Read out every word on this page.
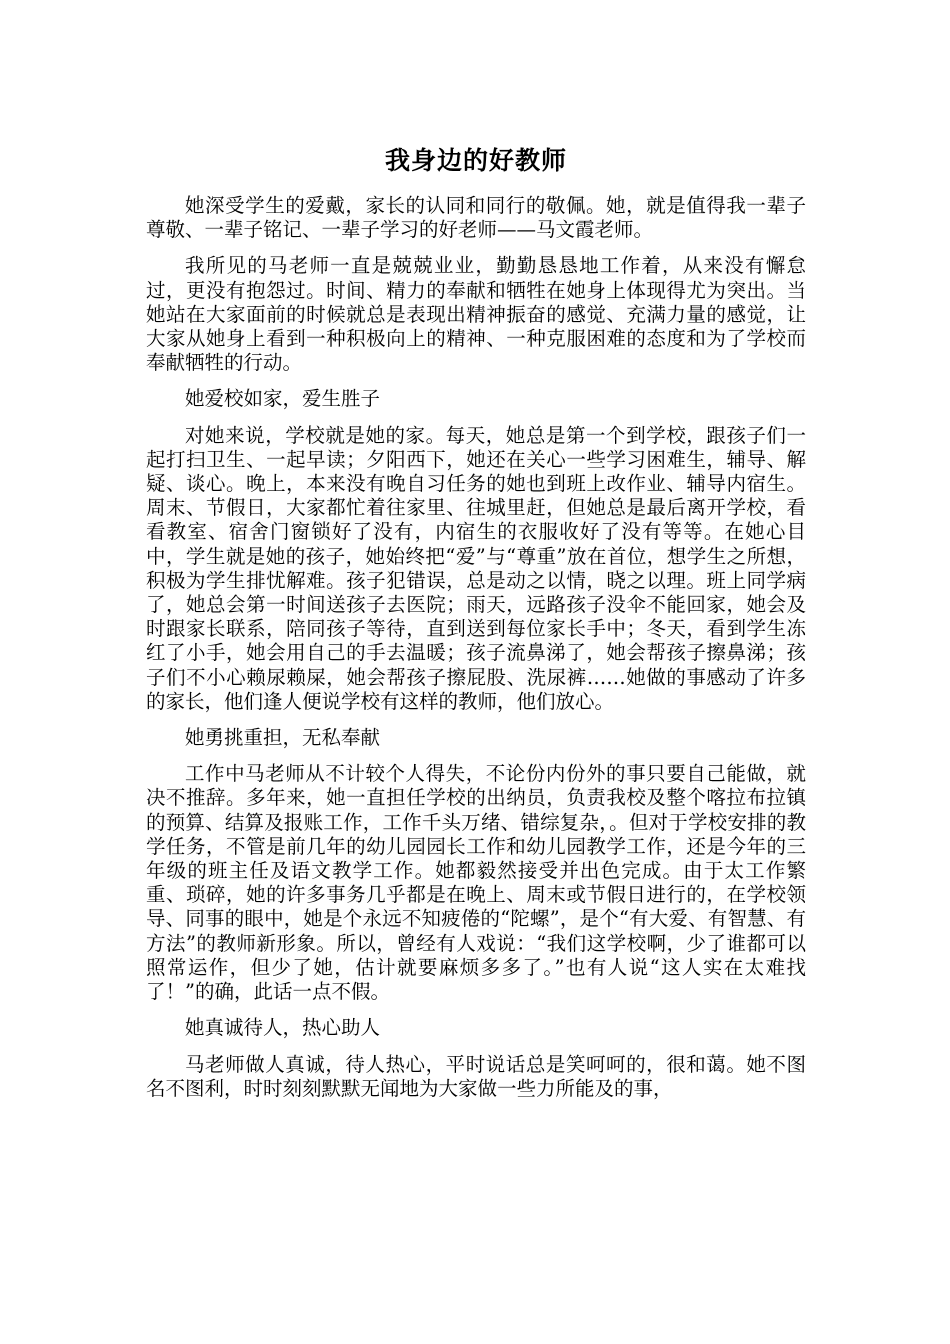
我身边的好教师

她深受学生的爱戴，家长的认同和同行的敬佩。她，就是值得我一辈子尊敬、一辈子铭记、一辈子学习的好老师——马文霞老师。

我所见的马老师一直是兢兢业业，勤勤恳恳地工作着，从来没有懈怠过，更没有抱怨过。时间、精力的奉献和牺牲在她身上体现得尤为突出。当她站在大家面前的时候就总是表现出精神振奋的感觉、充满力量的感觉，让大家从她身上看到一种积极向上的精神、一种克服困难的态度和为了学校而奉献牺牲的行动。

她爱校如家，爱生胜子

对她来说，学校就是她的家。每天，她总是第一个到学校，跟孩子们一起打扫卫生、一起早读；夕阳西下，她还在关心一些学习困难生，辅导、解疑、谈心。晚上，本来没有晚自习任务的她也到班上改作业、辅导内宿生。周末、节假日，大家都忙着往家里、往城里赶，但她总是最后离开学校，看看教室、宿舍门窗锁好了没有，内宿生的衣服收好了没有等等。在她心目中，学生就是她的孩子，她始终把“爱”与“尊重”放在首位，想学生之所想，积极为学生排忧解难。孩子犯错误，总是动之以情，晓之以理。班上同学病了，她总会第一时间送孩子去医院；雨天，远路孩子没伞不能回家，她会及时跟家长联系，陪同孩子等待，直到送到每位家长手中；冬天，看到学生冻红了小手，她会用自己的手去温暖；孩子流鼻涕了，她会帮孩子擦鼻涕；孩子们不小心赖尿赖屎，她会帮孩子擦屁股、洗尿裤……她做的事感动了许多的家长，他们逢人便说学校有这样的教师，他们放心。

她勇挑重担，无私奉献

工作中马老师从不计较个人得失，不论份内份外的事只要自己能做，就决不推辞。多年来，她一直担任学校的出纳员，负责我校及整个喀拉布拉镇的预算、结算及报账工作，工作千头万绪、错综复杂，。但对于学校安排的教学任务，不管是前几年的幼儿园园长工作和幼儿园教学工作，还是今年的三年级的班主任及语文教学工作。她都毅然接受并出色完成。由于太工作繁重、琐碎，她的许多事务几乎都是在晚上、周末或节假日进行的，在学校领导、同事的眼中，她是个永远不知疲倦的“陀螺”，是个“有大爱、有智慧、有方法”的教师新形象。所以，曾经有人戏说：“我们这学校啊，少了谁都可以照常运作，但少了她，估计就要麻烦多多了。”也有人说“这人实在太难找了！”的确，此话一点不假。

她真诚待人，热心助人

马老师做人真诚，待人热心，平时说话总是笑呵呵的，很和蔼。她不图名不图利，时时刻刻默默无闻地为大家做一些力所能及的事，
